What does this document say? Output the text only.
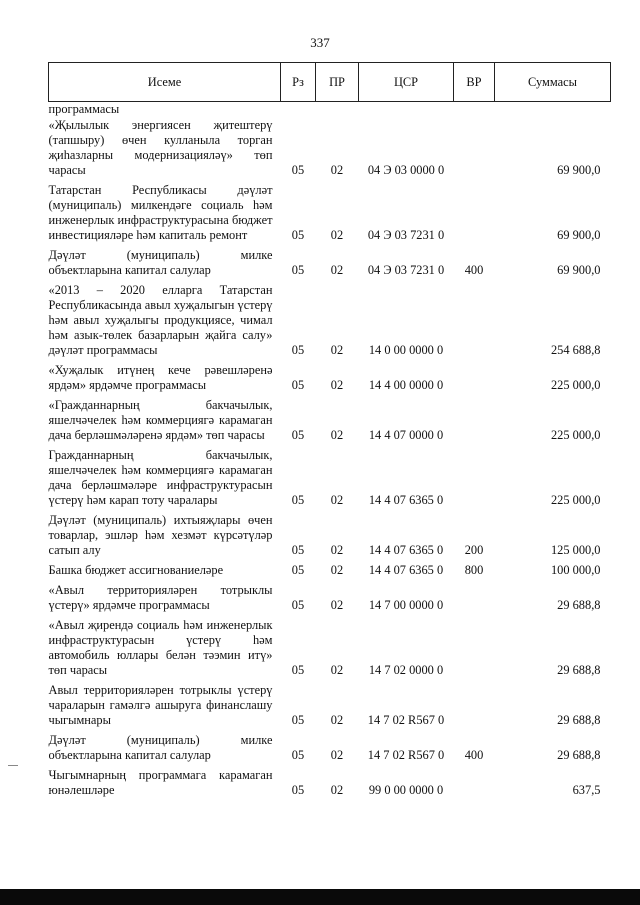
337
Исеме	Рз	ПР	ЦСР	ВР	Суммасы
программасы					
«Җылылык энергиясен җитештерү (тапшыру) өчен кулланыла торган җиһазларны модернизацияләү» төп чарасы	05	02	04 Э 03 0000 0		69 900,0
Татарстан Республикасы дәүләт (муниципаль) милкендәге социаль һәм инженерлык инфраструктурасына бюджет инвестицияләре һәм капиталь ремонт	05	02	04 Э 03 7231 0		69 900,0
Дәүләт (муниципаль) милке объектларына капитал салулар	05	02	04 Э 03 7231 0	400	69 900,0
«2013 – 2020 елларга Татарстан Республикасында авыл хуҗалыгын үстерү һәм авыл хуҗалыгы продукциясе, чимал һәм азык-төлек базарларын җайга салу» дәүләт программасы	05	02	14 0 00 0000 0		254 688,8
«Хуҗалык итүнең кече рәвешләренә ярдәм» ярдәмче программасы	05	02	14 4 00 0000 0		225 000,0
«Гражданнарның бакчачылык, яшелчәчелек һәм коммерциягә карамаган дача берләшмәләренә ярдәм» төп чарасы	05	02	14 4 07 0000 0		225 000,0
Гражданнарның бакчачылык, яшелчәчелек һәм коммерциягә карамаган дача берләшмәләре инфраструктурасын үстерү һәм карап тоту чаралары	05	02	14 4 07 6365 0		225 000,0
Дәүләт (муниципаль) ихтыяҗлары өчен товарлар, эшләр һәм хезмәт күрсәтүләр сатып алу	05	02	14 4 07 6365 0	200	125 000,0
Башка бюджет ассигнованиеләре	05	02	14 4 07 6365 0	800	100 000,0
«Авыл территорияләрен тотрыклы үстерү» ярдәмче программасы	05	02	14 7 00 0000 0		29 688,8
«Авыл җирендә социаль һәм инженерлык инфраструктурасын үстерү һәм автомобиль юллары белән тәэмин итү» төп чарасы	05	02	14 7 02 0000 0		29 688,8
Авыл территорияләрен тотрыклы үстерү чараларын гамәлгә ашыруга финанслашу чыгымнары	05	02	14 7 02 R567 0		29 688,8
Дәүләт (муниципаль) милке объектларына капитал салулар	05	02	14 7 02 R567 0	400	29 688,8
Чыгымнарның программага карамаган юнәлешләре	05	02	99 0 00 0000 0		637,5
